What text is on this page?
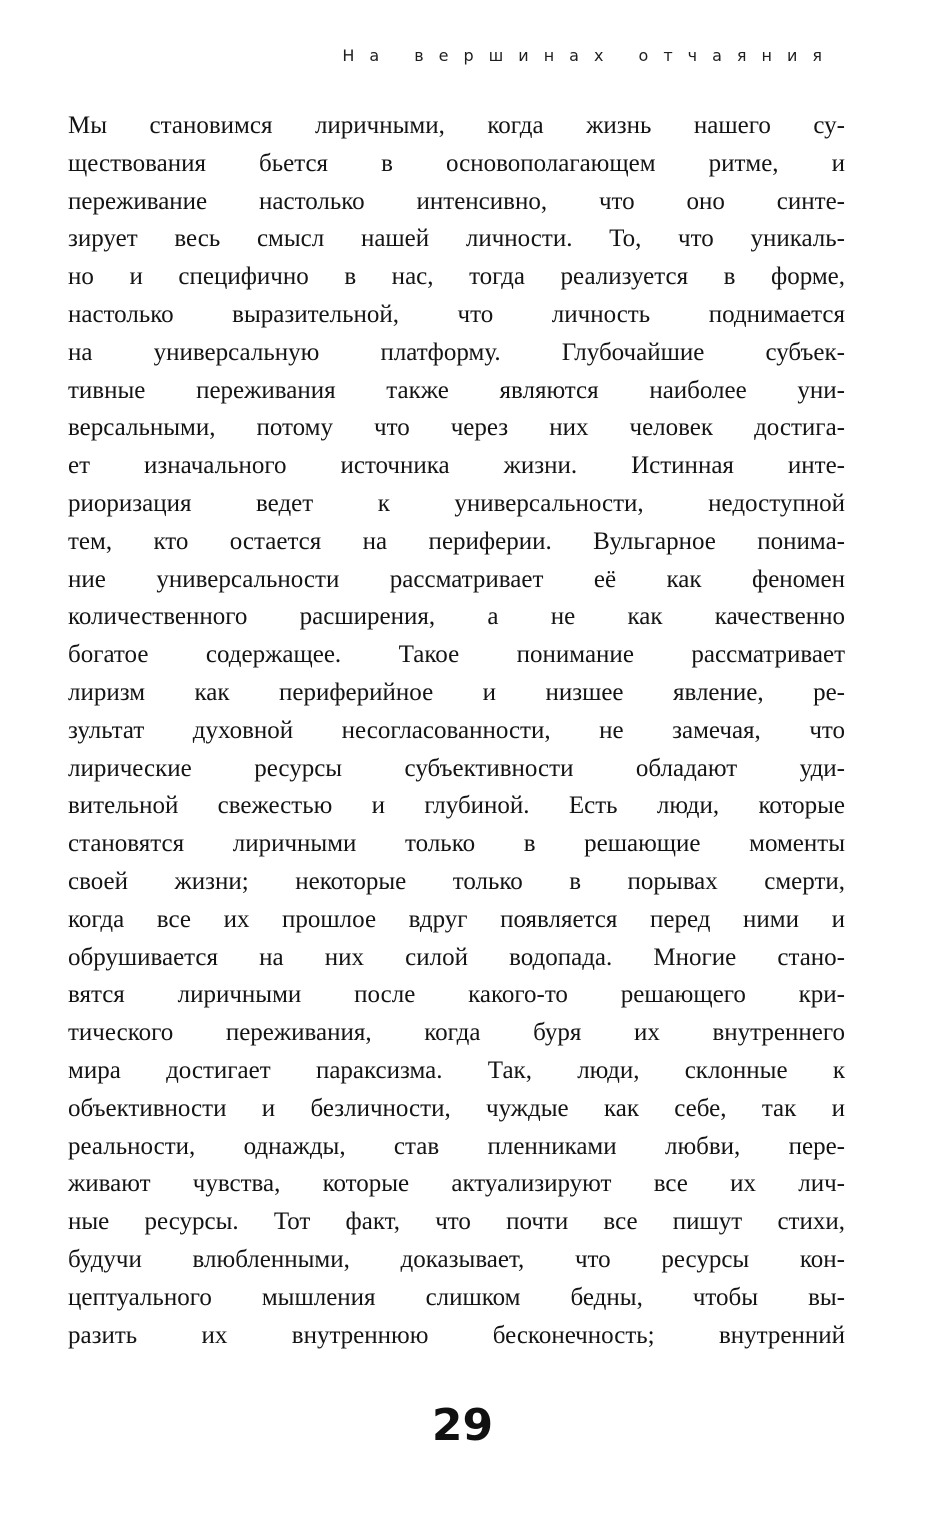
На вершинах отчаяния
Мы становимся лиричными, когда жизнь нашего су-
ществования бьется в основополагающем ритме, и
переживание настолько интенсивно, что оно синте-
зирует весь смысл нашей личности. То, что уникаль-
но и специфично в нас, тогда реализуется в форме,
настолько выразительной, что личность поднимается
на универсальную платформу. Глубочайшие субъек-
тивные переживания также являются наиболее уни-
версальными, потому что через них человек достига-
ет изначального источника жизни. Истинная инте-
риоризация ведет к универсальности, недоступной
тем, кто остается на периферии. Вульгарное понима-
ние универсальности рассматривает её как феномен
количественного расширения, а не как качественно
богатое содержащее. Такое понимание рассматривает
лиризм как периферийное и низшее явление, ре-
зультат духовной несогласованности, не замечая, что
лирические ресурсы субъективности обладают уди-
вительной свежестью и глубиной. Есть люди, которые
становятся лиричными только в решающие моменты
своей жизни; некоторые только в порывах смерти,
когда все их прошлое вдруг появляется перед ними и
обрушивается на них силой водопада. Многие стано-
вятся лиричными после какого-то решающего кри-
тического переживания, когда буря их внутреннего
мира достигает параксизма. Так, люди, склонные к
объективности и безличности, чуждые как себе, так и
реальности, однажды, став пленниками любви, пере-
живают чувства, которые актуализируют все их лич-
ные ресурсы. Тот факт, что почти все пишут стихи,
будучи влюбленными, доказывает, что ресурсы кон-
цептуального мышления слишком бедны, чтобы вы-
разить их внутреннюю бесконечность; внутренний
29
